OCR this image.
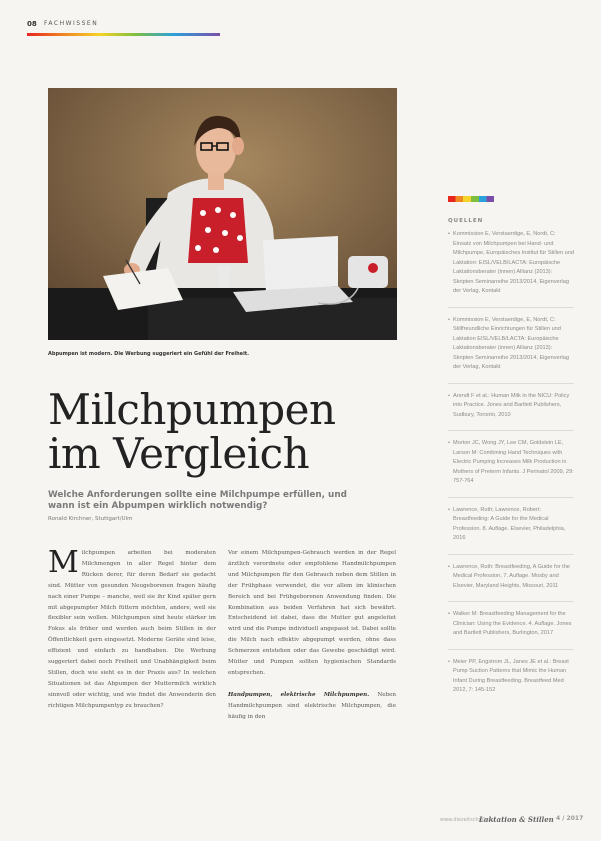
08 FACHWISSEN
Abpumpen ist modern. Die Werbung suggeriert ein Gefühl der Freiheit.
Milchpumpen
im Vergleich

Welche Anforderungen sollte eine Milchpumpe erfüllen, und wann ist ein Abpumpen wirklich notwendig?

Ronald Kirchner, Stuttgart/Ulm

Milchpumpen arbeiten bei moderaten Milchmengen in aller Regel hinter dem Rücken derer, für deren Bedarf sie gedacht sind. Mütter von gesunden Neugeborenen fragen häufig nach einer Pumpe – manche, weil sie ihr Kind später gern mit abgepumpter Milch füttern möchten, andere, weil sie flexibler sein wollen. Milchpumpen sind heute stärker im Fokus als früher und werden auch beim Stillen in der Öffentlichkeit gern eingesetzt. Moderne Geräte sind leise, effizient und einfach zu handhaben. Die Werbung suggeriert dabei noch Freiheit und Unabhängigkeit beim Stillen, doch wie sieht es in der Praxis aus? In welchen Situationen ist das Abpumpen der Muttermilch wirklich sinnvoll oder wichtig, und wie findet die Anwenderin den richtigen Milchpumpentyp zu brauchen?

Vor einem Milchpumpen-Gebrauch werden in der Regel ärztlich verordnete oder empfohlene Handmilchpumpen und Milchpumpen für den Gebrauch neben dem Stillen in der Frühphase verwendet, die vor allem im klinischen Bereich und bei Frühgeborenen Anwendung finden. Die Kombination aus beiden Verfahren hat sich bewährt. Entscheidend ist dabei, dass die Mutter gut angeleitet wird und die Pumpe individuell angepasst ist. Dabei sollte die Milch nach effektiv abgepumpt werden, ohne dass Schmerzen entstehen oder das Gewebe geschädigt wird. Mütter und Pumpen sollten hygienischen Standards entsprechen.

Handpumpen, elektrische Milchpumpen. Neben Handmilchpumpen sind elektrische Milchpumpen, die häufig in den

QUELLEN
• Kommission E, Verstaerdige, E, Nordt, C: Einsatz von Milchpumpen bei Hand- und Milchpumpe, Europäisches Institut für Stillen und Laktation: EISL/VELB/LACTA: Europäische Laktationsberater (innen) Allianz (2013): Skripten Seminarreihe 2013/2014, Eigenverlag der Verlag, Kontakt
• Kommission E, Verstaerdige, E, Nordt, C: Stillfreundliche Einrichtungen für Stillen und Laktation EISL/VELB/LACTA: Europäische Laktationsberater (innen) Allianz (2013): Skripten Seminarreihe 2013/2014, Eigenverlag der Verlag, Kontakt
• Arendt F et al.: Human Milk in the NICU: Policy into Practice. Jones and Bartlett Publishers, Sudbury, Toronto, 2010
• Morton JC, Wong JY, Lee CM, Goldstein LE, Larson M: Combining Hand Techniques with Electric Pumping Increases Milk Production in Mothers of Preterm Infants. J Perinatol 2009, 29: 757-764
• Lawrence, Ruth; Lawrence, Robert: Breastfeeding: A Guide for the Medical Profession. 8. Auflage. Elsevier, Philadelphia, 2016
• Lawrence, Ruth: Breastfeeding, A Guide for the Medical Profession, 7. Auflage. Mosby and Elsevier, Maryland Heights, Missouri, 2011
• Walker M: Breastfeeding Management for the Clinician: Using the Evidence. 4. Auflage. Jones and Bartlett Publishers, Burlington, 2017
• Meier PP, Engstrom JL, Janes JE et al.: Breast Pump Suction Patterns that Mimic the Human Infant During Breastfeeding. Breastfeed Med 2012, 7: 145-152
www.diezeitschrift.de
Laktation & Stillen 4 / 2017
